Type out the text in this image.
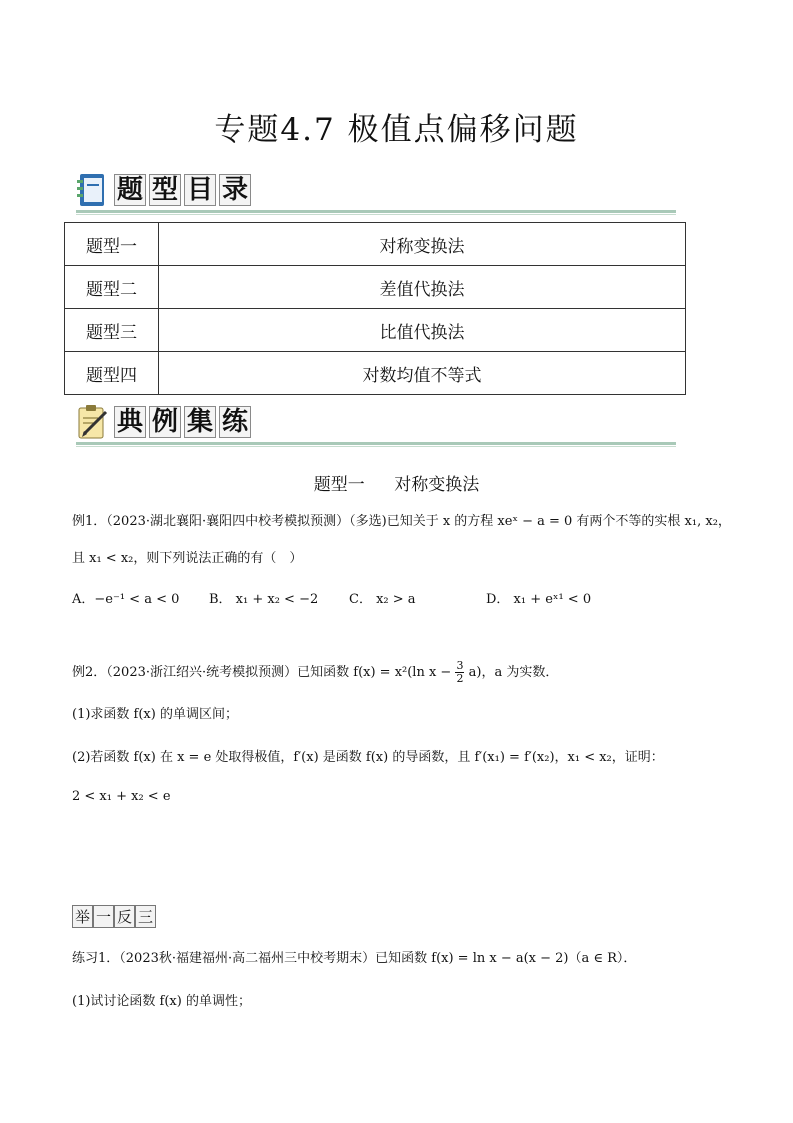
专题4.7 极值点偏移问题
题 型 目 录
题型一	对称变换法
题型二	差值代换法
题型三	比值代换法
题型四	对数均值不等式
典 例 集 练
题型一 对称变换法
例1．（2023·湖北襄阳·襄阳四中校考模拟预测）（多选)已知关于 x 的方程 xeˣ − a = 0 有两个不等的实根 x₁, x₂，
且 x₁ < x₂，则下列说法正确的有（　）
A．−e⁻¹ < a < 0 B． x₁ + x₂ < −2 C． x₂ > a	D． x₁ + eˣ¹ < 0
例2．（2023·浙江绍兴·统考模拟预测）已知函数 f(x) = x²(ln $x - \frac{3}{2} a$)，a 为实数．
(1)求函数 f(x) 的单调区间；
(2)若函数 f(x) 在 x = e 处取得极值，f′(x) 是函数 f(x) 的导函数，且 f′(x₁) = f′(x₂)，x₁ < x₂，证明：
2 < x₁ + x₂ < e
举 一 反 三
练习1．（2023秋·福建福州·高二福州三中校考期末）已知函数 f(x) = ln x − a(x − 2)（a ∈ R）．
(1)试讨论函数 f(x) 的单调性；
